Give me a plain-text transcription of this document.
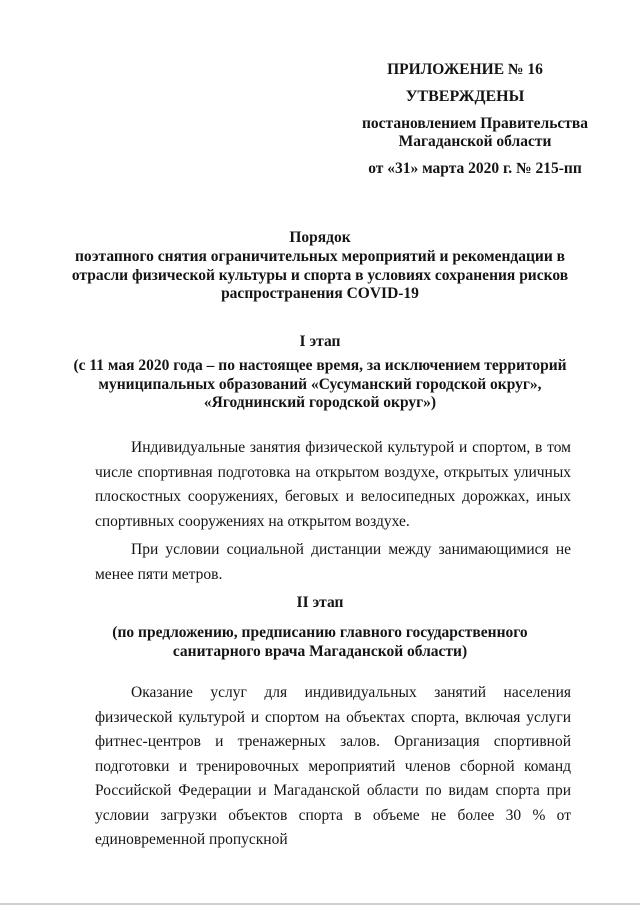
ПРИЛОЖЕНИЕ № 16
УТВЕРЖДЕНЫ
постановлением Правительства Магаданской области
от «31» марта 2020 г. № 215-пп
Порядок
поэтапного снятия ограничительных мероприятий и рекомендации в отрасли физической культуры и спорта в условиях сохранения рисков распространения COVID-19
I этап
(с 11 мая 2020 года – по настоящее время, за исключением территорий муниципальных образований «Сусуманский городской округ», «Ягоднинский городской округ»)
Индивидуальные занятия физической культурой и спортом, в том числе спортивная подготовка на открытом воздухе, открытых уличных плоскостных сооружениях, беговых и велосипедных дорожках, иных спортивных сооружениях на открытом воздухе.
При условии социальной дистанции между занимающимися не менее пяти метров.
II этап
(по предложению, предписанию главного государственного санитарного врача Магаданской области)
Оказание услуг для индивидуальных занятий населения физической культурой и спортом на объектах спорта, включая услуги фитнес-центров и тренажерных залов. Организация спортивной подготовки и тренировочных мероприятий членов сборной команд Российской Федерации и Магаданской области по видам спорта при условии загрузки объектов спорта в объеме не более 30 % от единовременной пропускной
